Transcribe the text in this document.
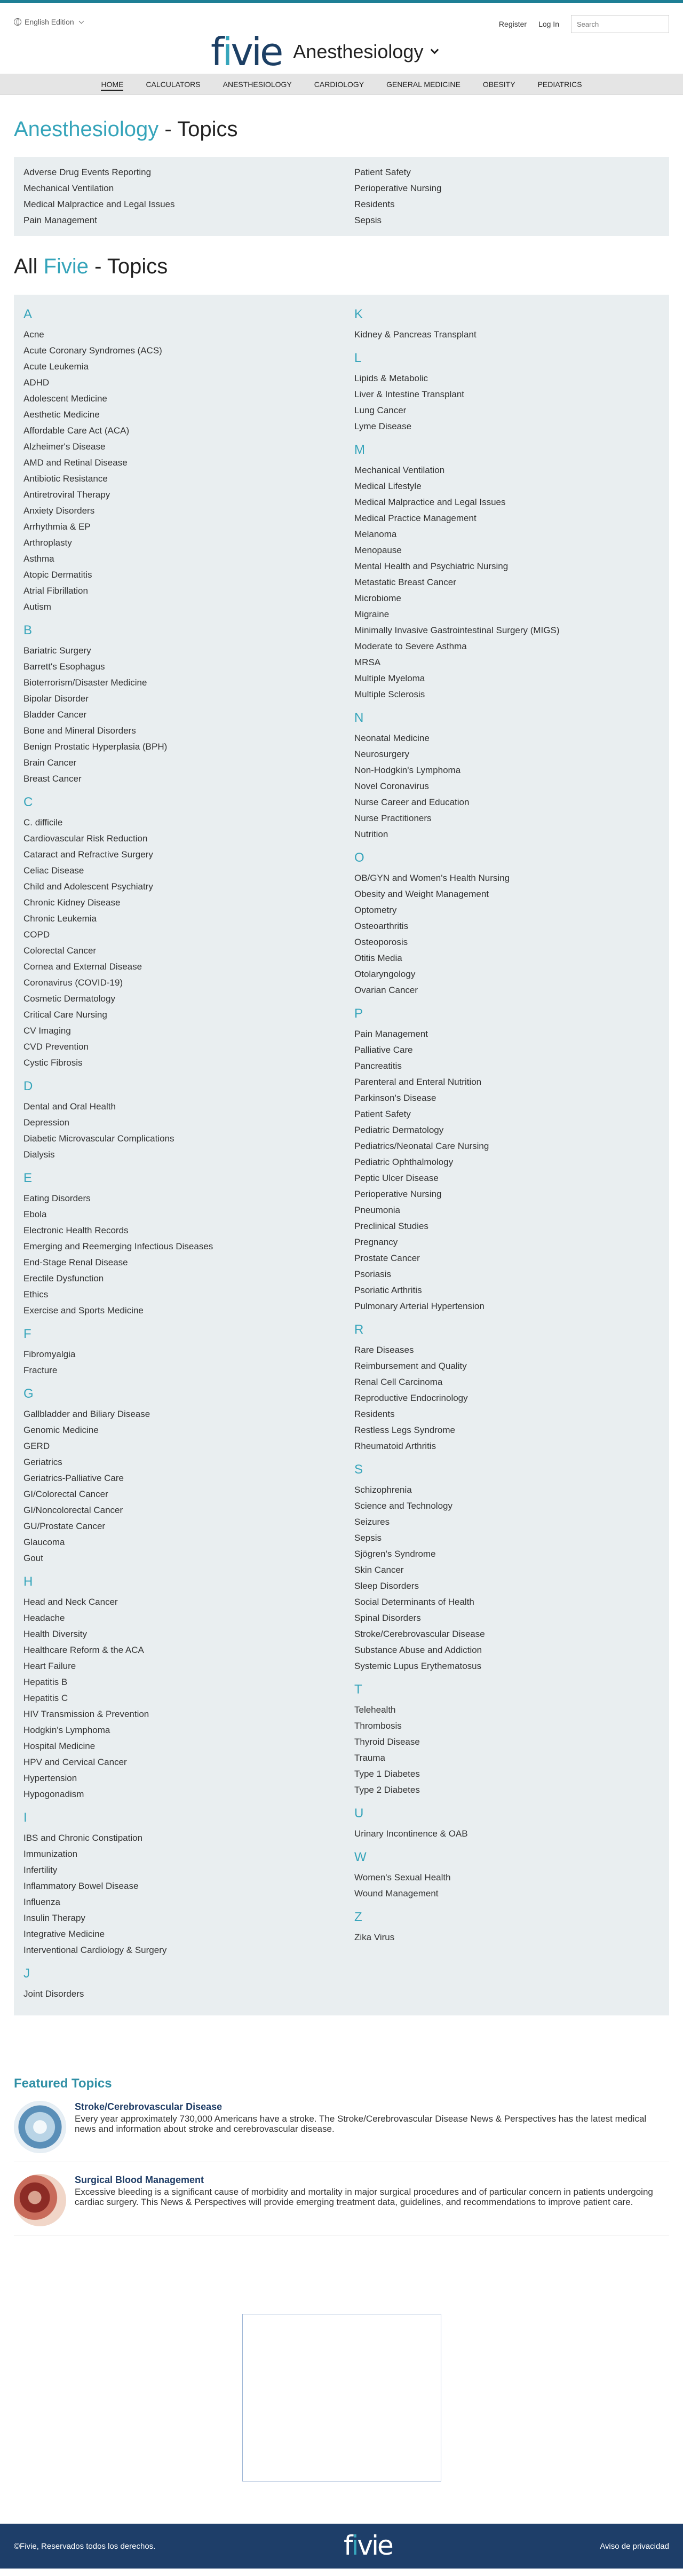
English Edition	Register Log In
Search
fivie Anesthesiology
HOME	CALCULATORS	ANESTHESIOLOGY	CARDIOLOGY	GENERAL MEDICINE	OBESITY	PEDIATRICS
Anesthesiology - Topics
Adverse Drug Events Reporting
Mechanical Ventilation
Medical Malpractice and Legal Issues
Pain Management
Patient Safety
Perioperative Nursing
Residents
Sepsis
All Fivie - Topics
A
Acne
Acute Coronary Syndromes (ACS)
Acute Leukemia
ADHD
Adolescent Medicine
Aesthetic Medicine
Affordable Care Act (ACA)
Alzheimer's Disease
AMD and Retinal Disease
Antibiotic Resistance
Antiretroviral Therapy
Anxiety Disorders
Arrhythmia & EP
Arthroplasty
Asthma
Atopic Dermatitis
Atrial Fibrillation
Autism
B
Bariatric Surgery
Barrett's Esophagus
Bioterrorism/Disaster Medicine
Bipolar Disorder
Bladder Cancer
Bone and Mineral Disorders
Benign Prostatic Hyperplasia (BPH)
Brain Cancer
Breast Cancer
C
C. difficile
Cardiovascular Risk Reduction
Cataract and Refractive Surgery
Celiac Disease
Child and Adolescent Psychiatry
Chronic Kidney Disease
Chronic Leukemia
COPD
Colorectal Cancer
Cornea and External Disease
Coronavirus (COVID-19)
Cosmetic Dermatology
Critical Care Nursing
CV Imaging
CVD Prevention
Cystic Fibrosis
D
Dental and Oral Health
Depression
Diabetic Microvascular Complications
Dialysis
E
Eating Disorders
Ebola
Electronic Health Records
Emerging and Reemerging Infectious Diseases
End-Stage Renal Disease
Erectile Dysfunction
Ethics
Exercise and Sports Medicine
F
Fibromyalgia
Fracture
G
Gallbladder and Biliary Disease
Genomic Medicine
GERD
Geriatrics
Geriatrics-Palliative Care
GI/Colorectal Cancer
GI/Noncolorectal Cancer
GU/Prostate Cancer
Glaucoma
Gout
H
Head and Neck Cancer
Headache
Health Diversity
Healthcare Reform & the ACA
Heart Failure
Hepatitis B
Hepatitis C
HIV Transmission & Prevention
Hodgkin's Lymphoma
Hospital Medicine
HPV and Cervical Cancer
Hypertension
Hypogonadism
I
IBS and Chronic Constipation
Immunization
Infertility
Inflammatory Bowel Disease
Influenza
Insulin Therapy
Integrative Medicine
Interventional Cardiology & Surgery
J
Joint Disorders
K
Kidney & Pancreas Transplant
L
Lipids & Metabolic
Liver & Intestine Transplant
Lung Cancer
Lyme Disease
M
Mechanical Ventilation
Medical Lifestyle
Medical Malpractice and Legal Issues
Medical Practice Management
Melanoma
Menopause
Mental Health and Psychiatric Nursing
Metastatic Breast Cancer
Microbiome
Migraine
Minimally Invasive Gastrointestinal Surgery (MIGS)
Moderate to Severe Asthma
MRSA
Multiple Myeloma
Multiple Sclerosis
N
Neonatal Medicine
Neurosurgery
Non-Hodgkin's Lymphoma
Novel Coronavirus
Nurse Career and Education
Nurse Practitioners
Nutrition
O
OB/GYN and Women's Health Nursing
Obesity and Weight Management
Optometry
Osteoarthritis
Osteoporosis
Otitis Media
Otolaryngology
Ovarian Cancer
P
Pain Management
Palliative Care
Pancreatitis
Parenteral and Enteral Nutrition
Parkinson's Disease
Patient Safety
Pediatric Dermatology
Pediatrics/Neonatal Care Nursing
Pediatric Ophthalmology
Peptic Ulcer Disease
Perioperative Nursing
Pneumonia
Preclinical Studies
Pregnancy
Prostate Cancer
Psoriasis
Psoriatic Arthritis
Pulmonary Arterial Hypertension
R
Rare Diseases
Reimbursement and Quality
Renal Cell Carcinoma
Reproductive Endocrinology
Residents
Restless Legs Syndrome
Rheumatoid Arthritis
S
Schizophrenia
Science and Technology
Seizures
Sepsis
Sjögren's Syndrome
Skin Cancer
Sleep Disorders
Social Determinants of Health
Spinal Disorders
Stroke/Cerebrovascular Disease
Substance Abuse and Addiction
Systemic Lupus Erythematosus
T
Telehealth
Thrombosis
Thyroid Disease
Trauma
Type 1 Diabetes
Type 2 Diabetes
U
Urinary Incontinence & OAB
W
Women's Sexual Health
Wound Management
Z
Zika Virus
Featured Topics
Stroke/Cerebrovascular Disease
Every year approximately 730,000 Americans have a stroke. The Stroke/Cerebrovascular Disease News & Perspectives has the latest medical news and information about stroke and cerebrovascular disease.
Surgical Blood Management
Excessive bleeding is a significant cause of morbidity and mortality in major surgical procedures and of particular concern in patients undergoing cardiac surgery. This News & Perspectives will provide emerging treatment data, guidelines, and recommendations to improve patient care.
©Fivie, Reservados todos los derechos.	fivie	Aviso de privacidad
